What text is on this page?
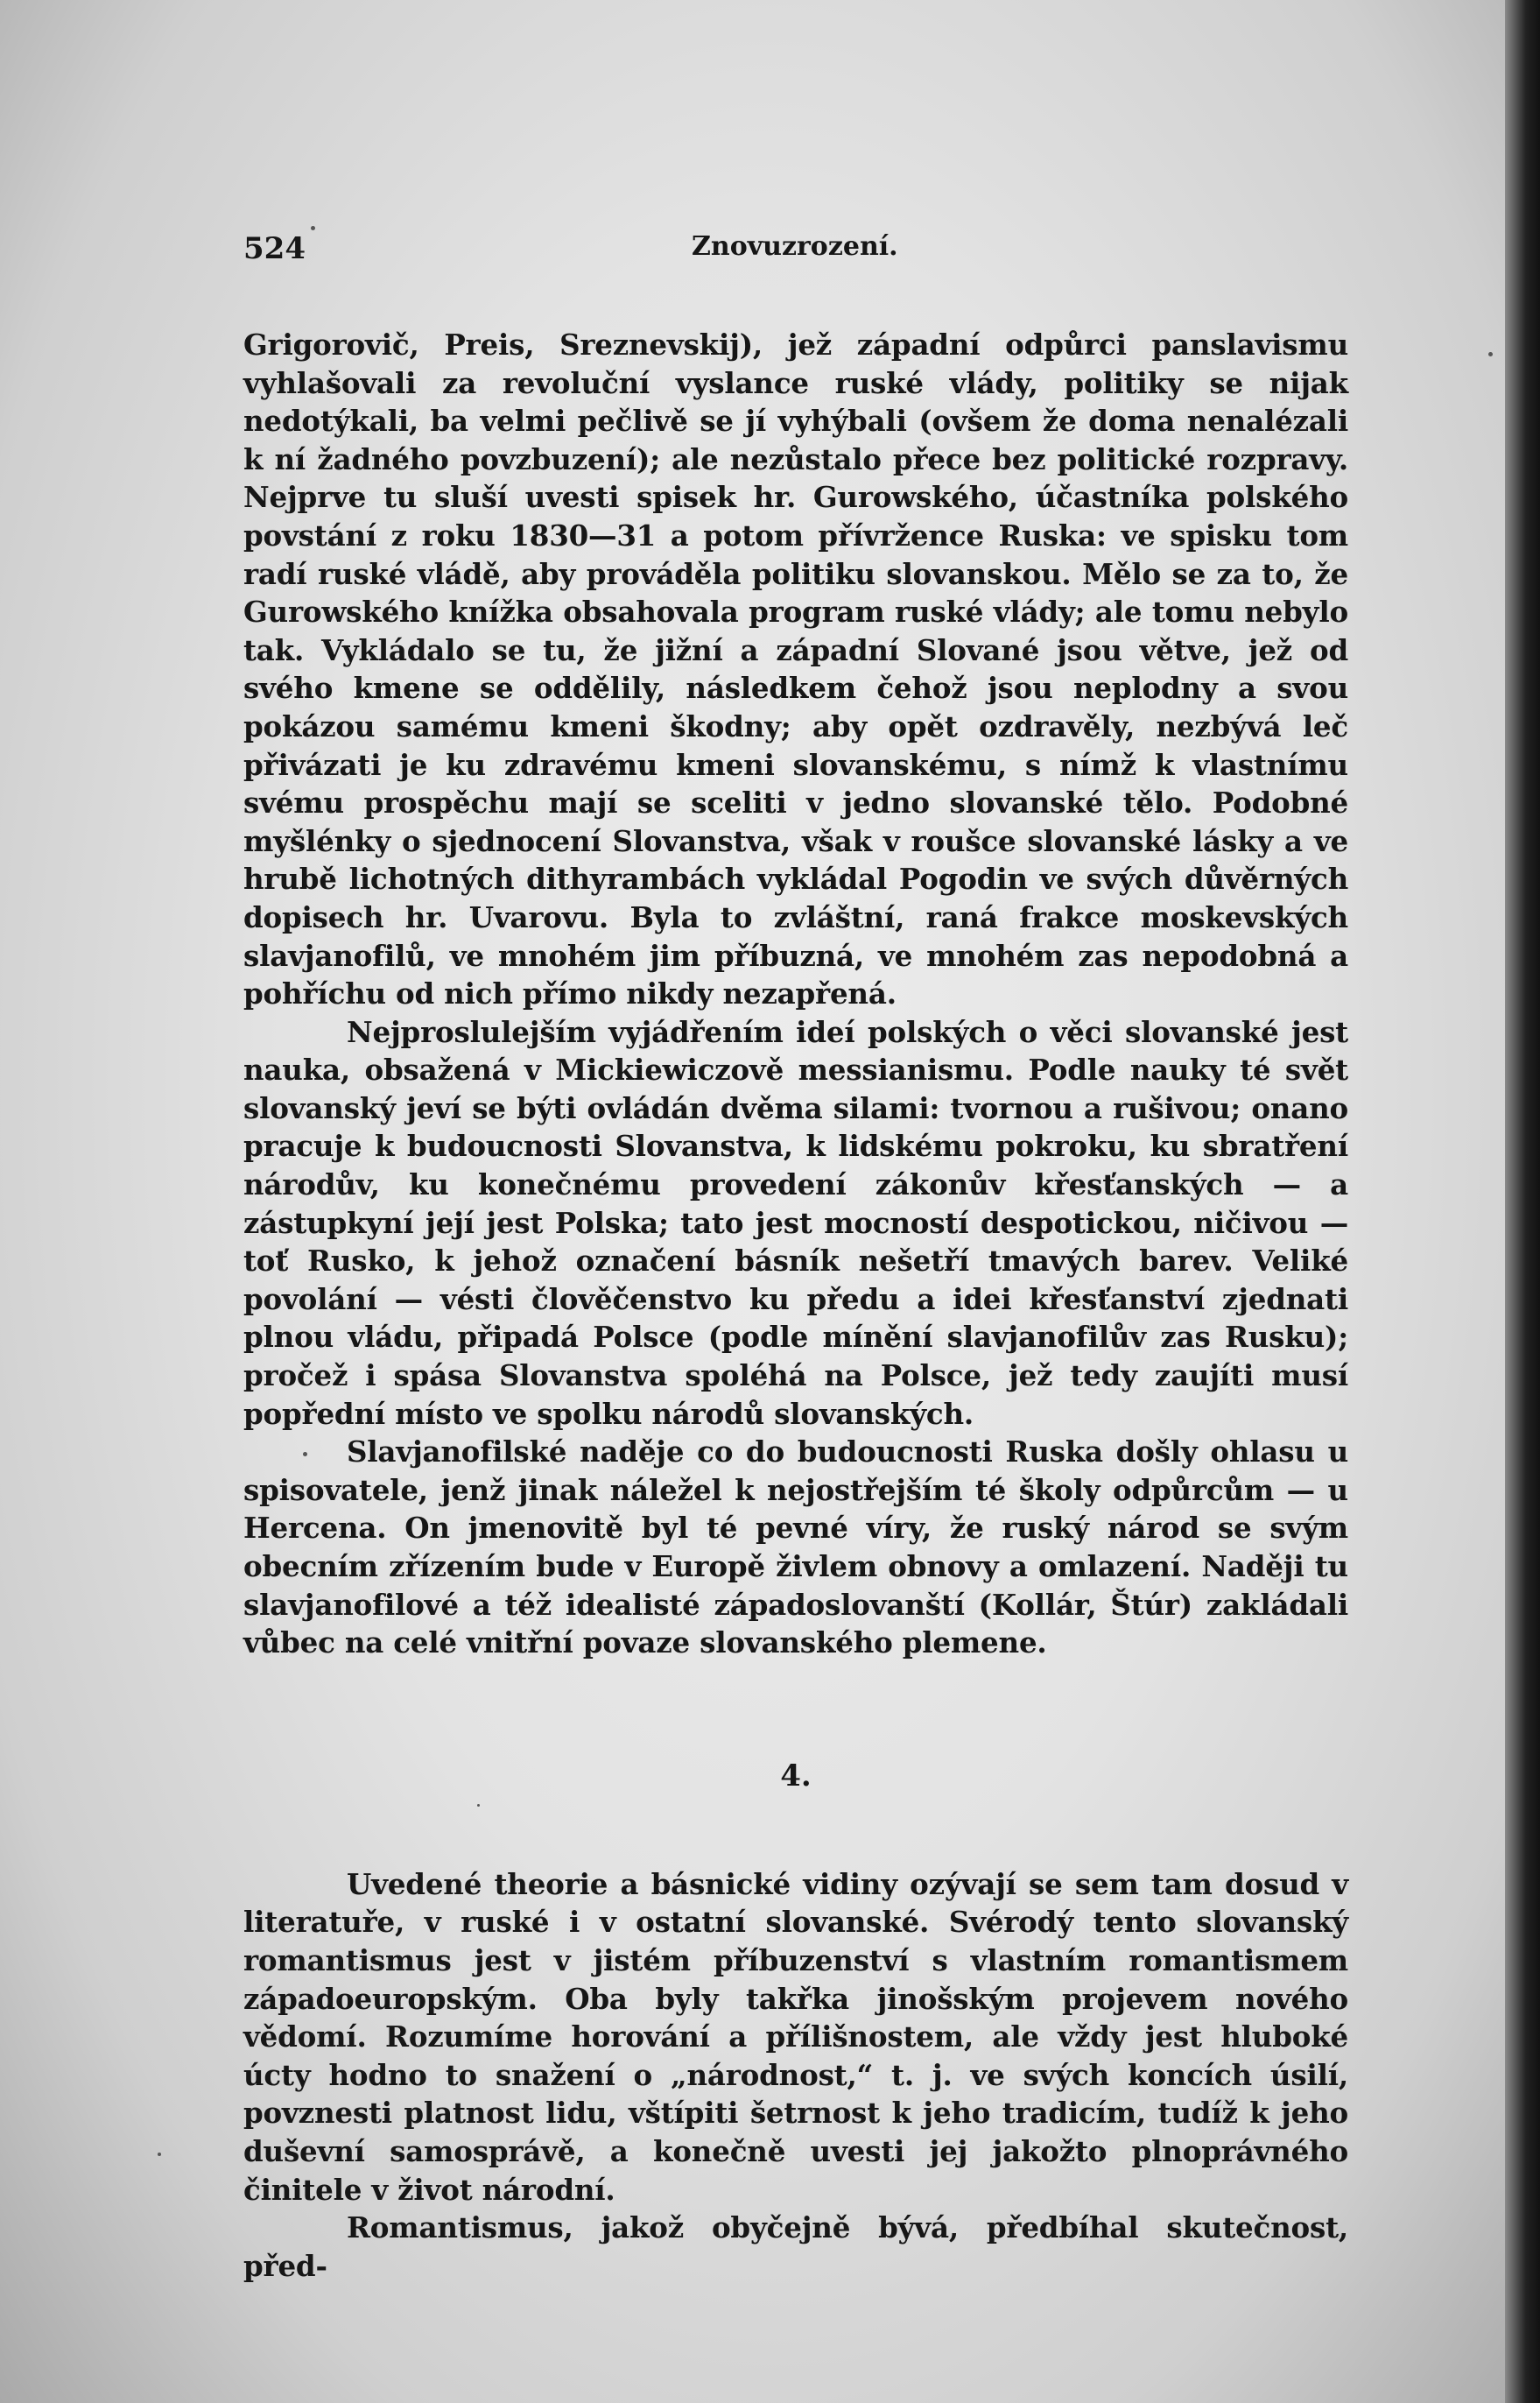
524	Znovuzrození.

Grigorovič, Preis, Sreznevskij), jež západní odpůrci panslavismu vyhlašovali za revoluční vyslance ruské vlády, politiky se nijak nedotýkali, ba velmi pečlivě se jí vyhýbali (ovšem že doma nenalézali k ní žadného povzbuzení); ale nezůstalo přece bez politické rozpravy. Nejprve tu sluší uvesti spisek hr. Gurowského, účastníka polského povstání z roku 1830—31 a potom přívržence Ruska: ve spisku tom radí ruské vládě, aby prováděla politiku slovanskou. Mělo se za to, že Gurowského knížka obsahovala program ruské vlády; ale tomu nebylo tak. Vykládalo se tu, že jižní a západní Slované jsou větve, jež od svého kmene se oddělily, následkem čehož jsou neplodny a svou pokázou samému kmeni škodny; aby opět ozdravěly, nezbývá leč přivázati je ku zdravému kmeni slovanskému, s nímž k vlastnímu svému prospěchu mají se sceliti v jedno slovanské tělo. Podobné myšlénky o sjednocení Slovanstva, však v roušce slovanské lásky a ve hrubě lichotných dithyrambách vykládal Pogodin ve svých důvěrných dopisech hr. Uvarovu. Byla to zvláštní, raná frakce moskevských slavjanofilů, ve mnohém jim příbuzná, ve mnohém zas nepodobná a pohříchu od nich přímo nikdy nezapřená.

Nejproslulejším vyjádřením ideí polských o věci slovanské jest nauka, obsažená v Mickiewiczově messianismu. Podle nauky té svět slovanský jeví se býti ovládán dvěma silami: tvornou a rušivou; onano pracuje k budoucnosti Slovanstva, k lidskému pokroku, ku sbratření národův, ku konečnému provedení zákonův křesťanských — a zástupkyní její jest Polska; tato jest mocností despotickou, ničivou — toť Rusko, k jehož označení básník nešetří tmavých barev. Veliké povolání — vésti člověčenstvo ku předu a idei křesťanství zjednati plnou vládu, připadá Polsce (podle mínění slavjanofilův zas Rusku); pročež i spása Slovanstva spoléhá na Polsce, jež tedy zaujíti musí popřední místo ve spolku národů slovanských.

Slavjanofilské naděje co do budoucnosti Ruska došly ohlasu u spisovatele, jenž jinak náležel k nejostřejším té školy odpůrcům — u Hercena. On jmenovitě byl té pevné víry, že ruský národ se svým obecním zřízením bude v Europě živlem obnovy a omlazení. Naději tu slavjanofilové a též idealisté západoslovanští (Kollár, Štúr) zakládali vůbec na celé vnitřní povaze slovanského plemene.

4.

Uvedené theorie a básnické vidiny ozývají se sem tam dosud v literatuře, v ruské i v ostatní slovanské. Svérodý tento slovanský romantismus jest v jistém příbuzenství s vlastním romantismem západoeuropským. Oba byly takřka jinošským projevem nového vědomí. Rozumíme horování a přílišnostem, ale vždy jest hluboké úcty hodno to snažení o „národnost,“ t. j. ve svých koncích úsilí, povznesti platnost lidu, vštípiti šetrnost k jeho tradicím, tudíž k jeho duševní samosprávě, a konečně uvesti jej jakožto plnoprávného činitele v život národní.

Romantismus, jakož obyčejně bývá, předbíhal skutečnost, před-
